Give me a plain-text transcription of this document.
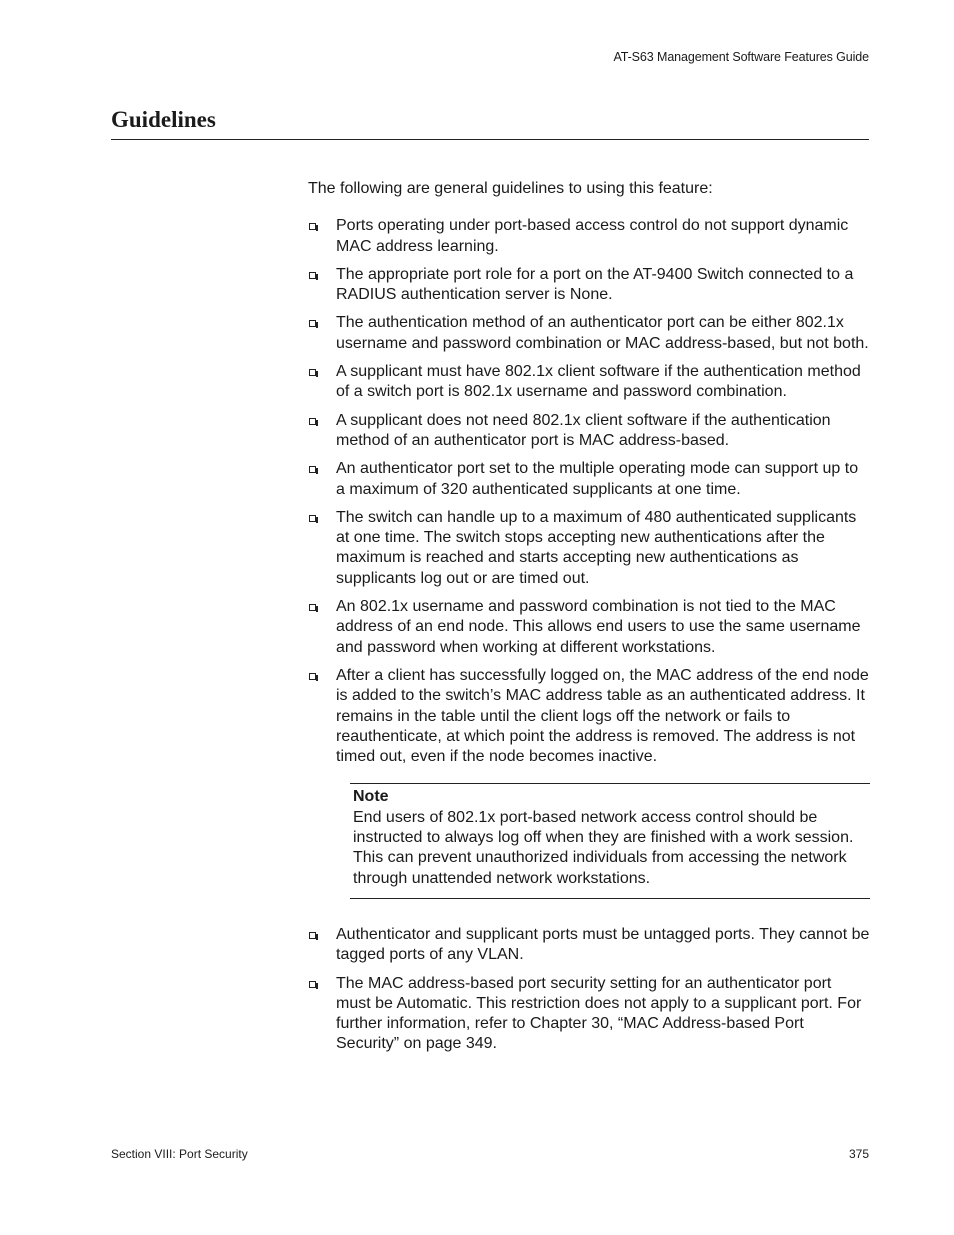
AT-S63 Management Software Features Guide
Guidelines

The following are general guidelines to using this feature:

Ports operating under port-based access control do not support dynamic MAC address learning.
The appropriate port role for a port on the AT-9400 Switch connected to a RADIUS authentication server is None.
The authentication method of an authenticator port can be either 802.1x username and password combination or MAC address-based, but not both.
A supplicant must have 802.1x client software if the authentication method of a switch port is 802.1x username and password combination.
A supplicant does not need 802.1x client software if the authentication method of an authenticator port is MAC address-based.
An authenticator port set to the multiple operating mode can support up to a maximum of 320 authenticated supplicants at one time.
The switch can handle up to a maximum of 480 authenticated supplicants at one time. The switch stops accepting new authentications after the maximum is reached and starts accepting new authentications as supplicants log out or are timed out.
An 802.1x username and password combination is not tied to the MAC address of an end node. This allows end users to use the same username and password when working at different workstations.
After a client has successfully logged on, the MAC address of the end node is added to the switch’s MAC address table as an authenticated address. It remains in the table until the client logs off the network or fails to reauthenticate, at which point the address is removed. The address is not timed out, even if the node becomes inactive.
Note
End users of 802.1x port-based network access control should be instructed to always log off when they are finished with a work session. This can prevent unauthorized individuals from accessing the network through unattended network workstations.
Authenticator and supplicant ports must be untagged ports. They cannot be tagged ports of any VLAN.
The MAC address-based port security setting for an authenticator port must be Automatic. This restriction does not apply to a supplicant port. For further information, refer to Chapter 30, “MAC Address-based Port Security” on page 349.
Section VIII: Port Security	375
